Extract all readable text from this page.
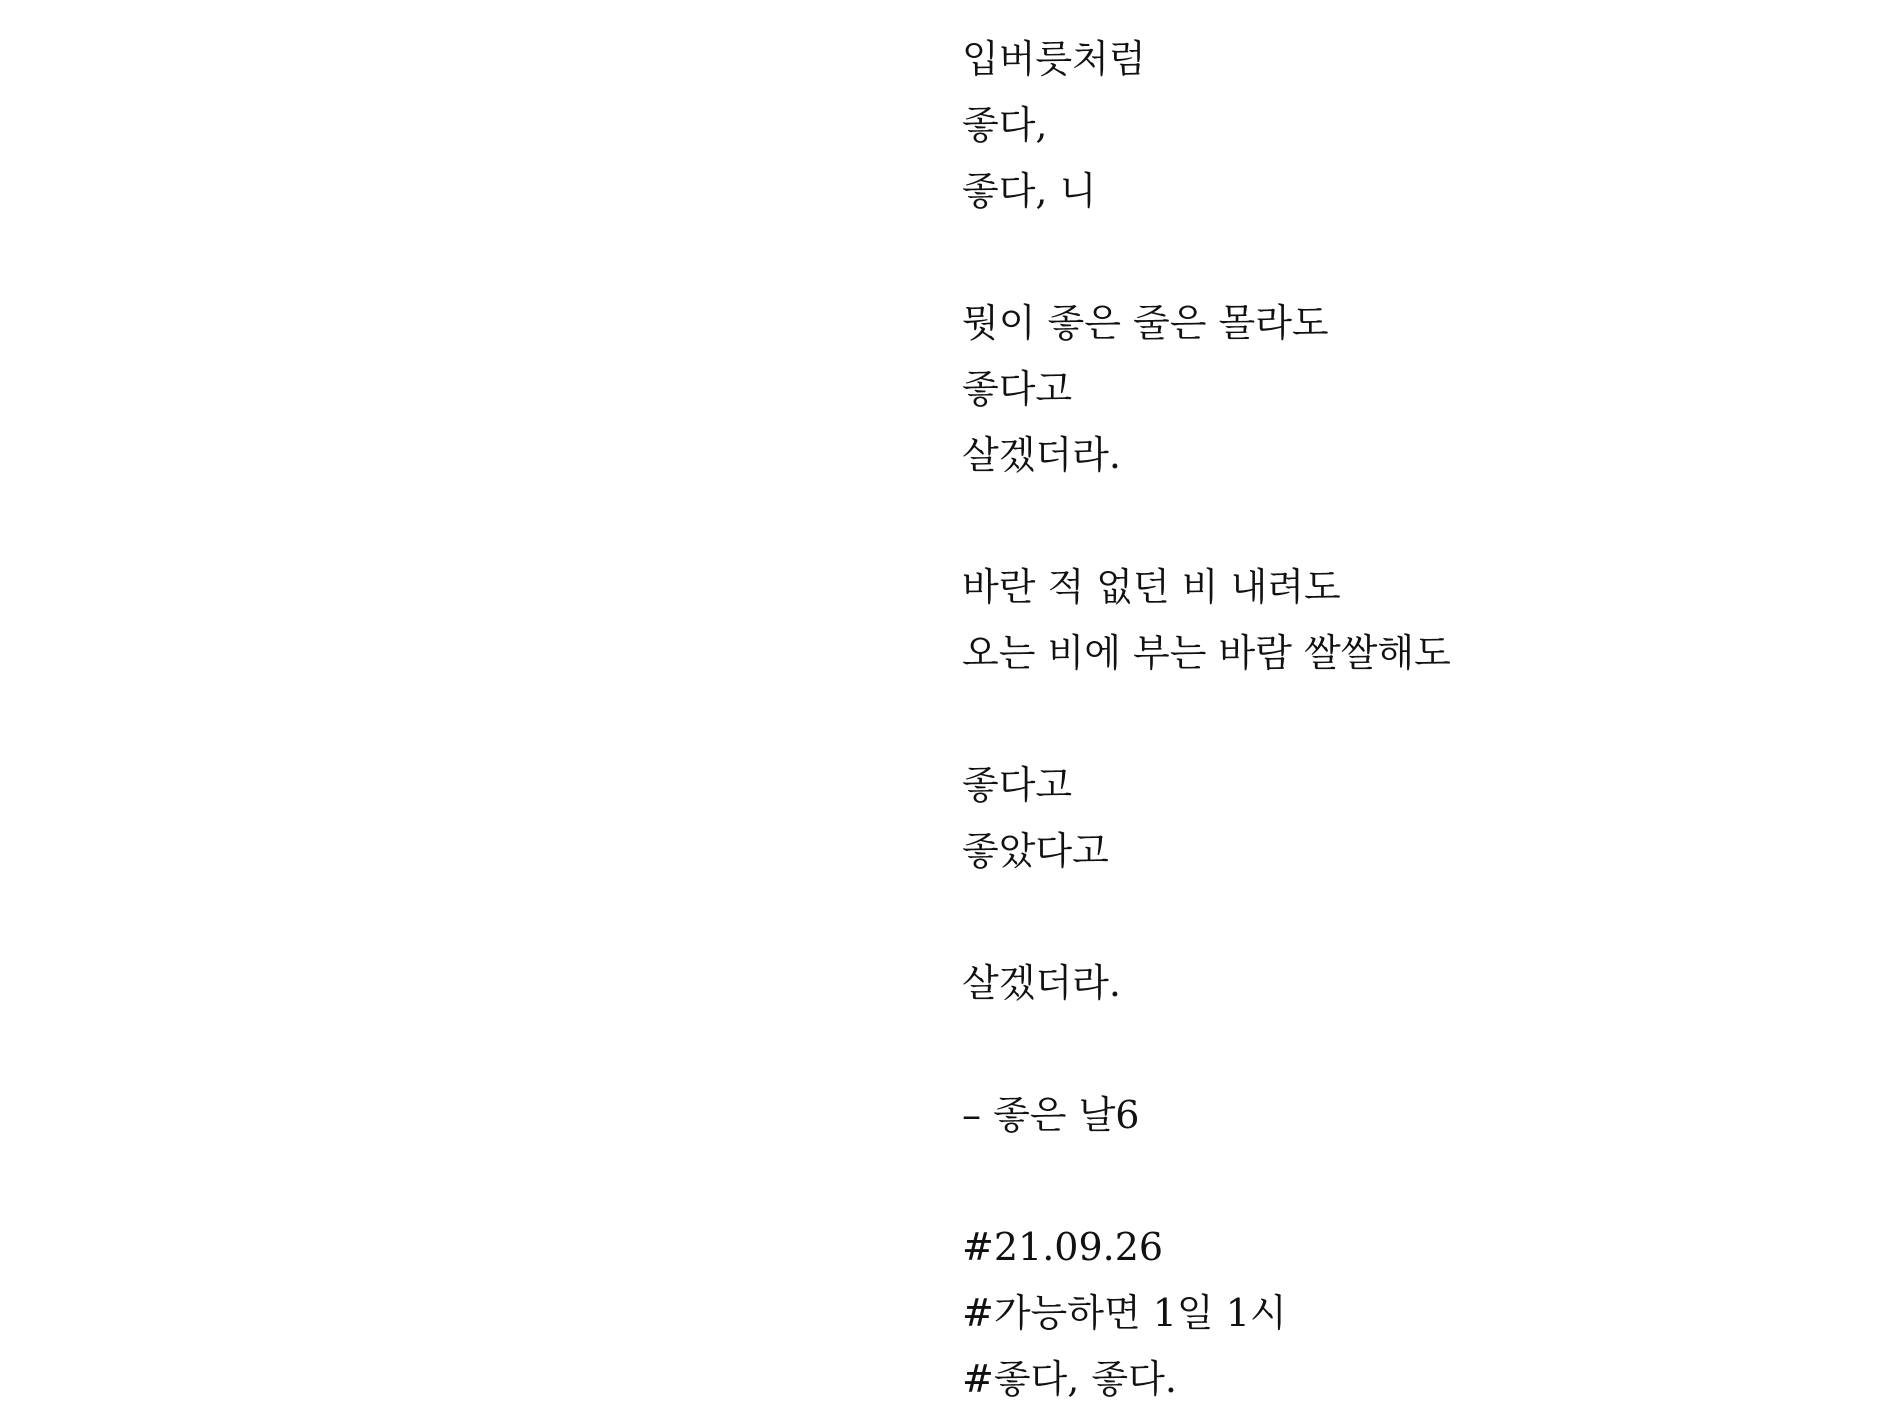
입버릇처럼
좋다,
좋다, 니
뭣이 좋은 줄은 몰라도
좋다고
살겠더라.
바란 적 없던 비 내려도
오는 비에 부는 바람 쌀쌀해도
좋다고
좋았다고
살겠더라.
– 좋은 날6
#21.09.26
#가능하면 1일 1시
#좋다, 좋다.
